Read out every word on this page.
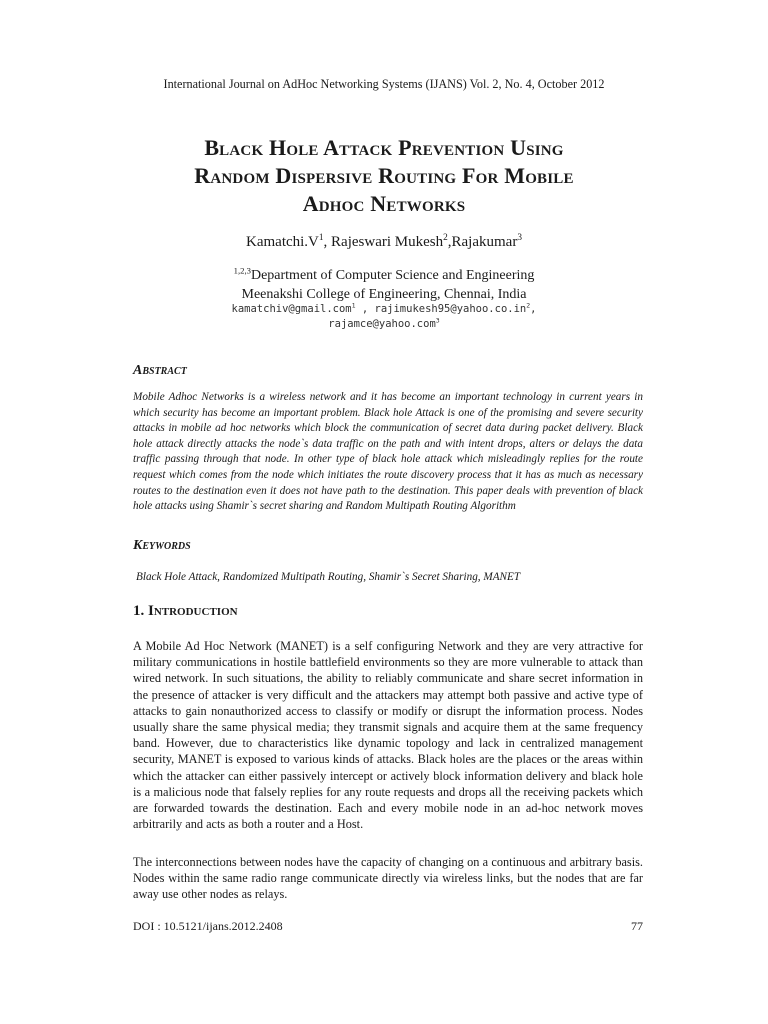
International Journal on AdHoc Networking Systems (IJANS) Vol. 2, No. 4, October 2012
Black Hole Attack Prevention Using
Random Dispersive Routing For Mobile
Adhoc Networks
$Kamatchi.V^1$, Rajeswari Mukesh$^2$,Rajakumar$^3$
$^{1,2,3}$Department of Computer Science and Engineering
Meenakshi College of Engineering, Chennai, India
kamatchiv@gmail.com$^1$ , $rajimukesh95@yahoo.co.in^2$,
rajamce@yahoo.com$^3$
Abstract
Mobile Adhoc Networks is a wireless network and it has become an important technology in current years in which security has become an important problem. Black hole Attack is one of the promising and severe security attacks in mobile ad hoc networks which block the communication of secret data during packet delivery. Black hole attack directly attacks the node`s data traffic on the path and with intent drops, alters or delays the data traffic passing through that node. In other type of black hole attack which misleadingly replies for the route request which comes from the node which initiates the route discovery process that it has as much as necessary routes to the destination even it does not have path to the destination. This paper deals with prevention of black hole attacks using Shamir`s secret sharing and Random Multipath Routing Algorithm
Keywords
Black Hole Attack, Randomized Multipath Routing, Shamir`s Secret Sharing, MANET
1. Introduction
A Mobile Ad Hoc Network (MANET) is a self configuring Network and they are very attractive for military communications in hostile battlefield environments so they are more vulnerable to attack than wired network. In such situations, the ability to reliably communicate and share secret information in the presence of attacker is very difficult and the attackers may attempt both passive and active type of attacks to gain nonauthorized access to classify or modify or disrupt the information process. Nodes usually share the same physical media; they transmit signals and acquire them at the same frequency band. However, due to characteristics like dynamic topology and lack in centralized management security, MANET is exposed to various kinds of attacks. Black holes are the places or the areas within which the attacker can either passively intercept or actively block information delivery and black hole is a malicious node that falsely replies for any route requests and drops all the receiving packets which are forwarded towards the destination. Each and every mobile node in an ad-hoc network moves arbitrarily and acts as both a router and a Host.
The interconnections between nodes have the capacity of changing on a continuous and arbitrary basis. Nodes within the same radio range communicate directly via wireless links, but the nodes that are far away use other nodes as relays.
DOI : 10.5121/ijans.2012.2408	77
